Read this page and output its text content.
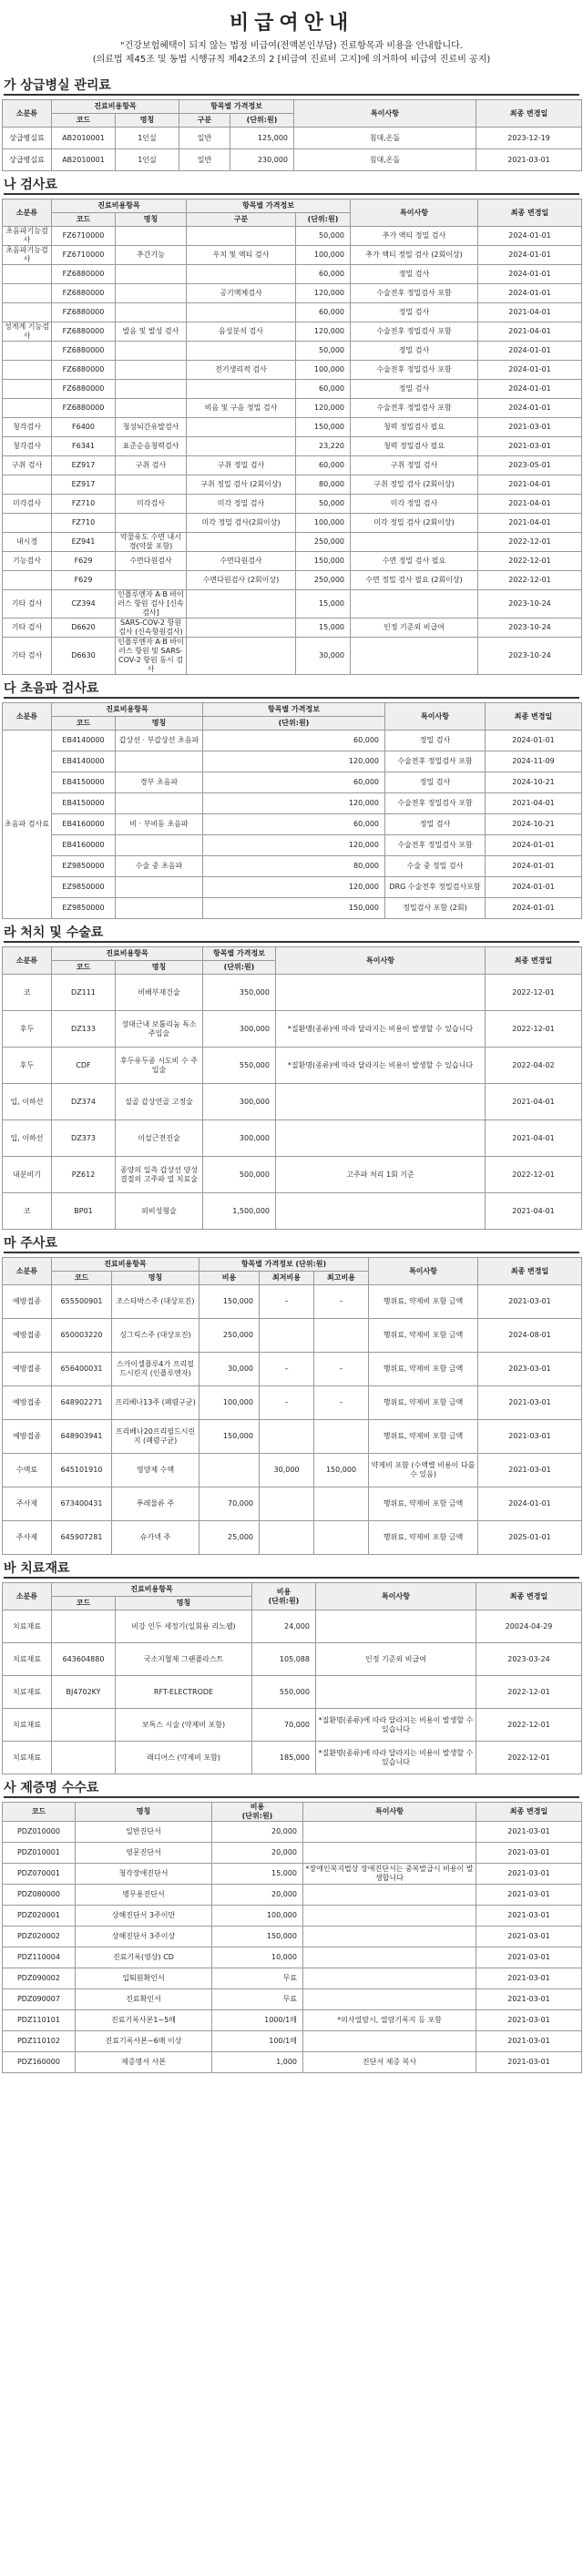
비급여안내
"건강보험혜택이 되지 않는 법정 비급여(전액본인부담) 진료항목과 비용을 안내합니다.
(의료법 제45조 및 동법 시행규칙 제42조의 2 [비급여 진료비 고지]에 의거하여 비급여 진료비 공지)
가 상급병실 관리료
소분류	진료비용항목		항목별 가격정보		특이사항	최종 변경일
	코드	명칭	구분	(단위:원)		
상급병실료	AB2010001	1인실	일반	125,000	침대,온돌	2023-12-19
상급병실료	AB2010001	1인실	일반	230,000	침대,온돌	2021-03-01
나 검사료
소분류	진료비용항목		항목별 가격정보		특이사항	최종 변경일
	코드	명칭	구분	(단위:원)		
초음파기능검사	FZ6710000			50,000	추가 액티 정밀 검사	2024-01-01
초음파기능검사	FZ6710000	추간기능	우치 및 액티 검사	100,000	추가 액티 정밀 검사 (2회이상)	2024-01-01
	FZ6880000			60,000	정밀 검사	2024-01-01
	FZ6880000		공기액체검사	120,000	수술전후 정밀검사 포함	2024-01-01
	FZ6880000			60,000	정밀 검사	2021-04-01
성게계 기능검사	FZ6880000	발음 및 발성 검사	음성분석 검사	120,000	수술전후 정밀검사 포함	2021-04-01
	FZ6880000			50,000	정밀 검사	2024-01-01
	FZ6880000		전기생리적 검사	100,000	수술전후 정밀검사 포함	2024-01-01
	FZ6880000			60,000	정밀 검사	2024-01-01
	FZ6880000		비음 및 구음 정밀 검사	120,000	수술전후 정밀검사 포함	2024-01-01
청각검사	F6400	청성뇌간유발검사		150,000	청력 정밀검사 필요	2021-03-01
청각검사	F6341	표준순음청력검사		23,220	청력 정밀검사 필요	2021-03-01
구취 검사	EZ917	구취 검사	구취 정밀 검사	60,000	구취 정밀 검사	2023-05-01
	EZ917		구취 정밀 검사 (2회이상)	80,000	구취 정밀 검사 (2회이상)	2021-04-01
미각검사	FZ710	미각검사	미각 정밀 검사	50,000	미각 정밀 검사	2021-04-01
	FZ710		미각 정밀 검사(2회이상)	100,000	미각 정밀 검사 (2회이상)	2021-04-01
내시경	EZ941	약물유도 수면 내시경(약물 포함)		250,000		2022-12-01
기능검사	F629	수면다원검사	수면다원검사	150,000	수면 정밀 검사 필요	2022-12-01
	F629		수면다원검사 (2회이상)	250,000	수면 정밀 검사 필요 (2회이상)	2022-12-01
기타 검사	CZ394	인플루엔자 A·B 바이러스 항원 검사 [신속검사]		15,000		2023-10-24
기타 검사	D6620	SARS-COV-2 항원검사 (신속항원검사)		15,000	인정 기준외 비급여	2023-10-24
기타 검사	D6630	인플루엔자 A·B 바이러스 항원 및 SARS-COV-2 항원 동시 검사		30,000		2023-10-24
다 초음파 검사료
소분류	진료비용항목		항목별 가격정보	특이사항	최종 변경일
	코드	명칭	(단위:원)		
초음파 검사료	EB4140000	갑상선 · 부갑상선 초음파	60,000	정밀 검사	2024-01-01
	EB4140000		120,000	수술전후 정밀검사 포함	2024-11-09
	EB4150000	경부 초음파	60,000	정밀 검사	2024-10-21
	EB4150000		120,000	수술전후 정밀검사 포함	2021-04-01
	EB4160000	비 · 부비동 초음파	60,000	정밀 검사	2024-10-21
	EB4160000		120,000	수술전후 정밀검사 포함	2024-01-01
	EZ9850000	수술 중 초음파	80,000	수술 중 정밀 검사	2024-01-01
	EZ9850000		120,000	DRG 수술전후 정밀검사포함	2024-01-01
	EZ9850000		150,000	정밀검사 포함 (2회)	2024-01-01
라 처치 및 수술료
소분류	진료비용항목		항목별 가격정보	특이사항	최종 변경일
	코드	명칭	(단위:원)		
코	DZ111	비배부재건술	350,000		2022-12-01
후두	DZ133	성대근내 보툴리눔 독소 주입술	300,000	*질환명(종류)에 따라 달라지는 비용이 발생할 수 있습니다	2022-12-01
후두	CDF	후두유두종 시도비 수 주입술	550,000	*질환명(종류)에 따라 달라지는 비용이 발생할 수 있습니다	2022-04-02
입, 이하선	DZ374	설골 갑상연골 고정술	300,000		2021-04-01
입, 이하선	DZ373	이설근전진술	300,000		2021-04-01
내분비기	PZ612	종양의 일측 갑상선 양성결절의 고주파 열 치료술	500,000	고주파 처리 1회 기준	2022-12-01
코	BP01	외비성형술	1,500,000		2021-04-01
마 주사료
소분류	진료비용항목		항목별 가격정보 (단위:원)			특이사항	최종 변경일
	코드	명칭	비용	최저비용	최고비용		
예방접종	655500901	조스타박스주 (대상포진)	150,000	–	–	행위료, 약제비 포함 금액	2021-03-01
예방접종	650003220	싱그릭스주 (대상포진)	250,000			행위료, 약제비 포함 금액	2024-08-01
예방접종	656400031	스카이셀플루4가 프리필드시린지 (인플루엔자)	30,000	–	–	행위료, 약제비 포함 금액	2023-03-01
예방접종	648902271	프리베나13주 (폐렴구균)	100,000	–	–	행위료, 약제비 포함 금액	2021-03-01
예방접종	648903941	프리베나20프리필드시린지 (폐렴구균)	150,000			행위료, 약제비 포함 금액	2021-03-01
수액료	645101910	영양제 수액		30,000	150,000	약제비 포함 (수액별 비용이 다를 수 있음)	2021-03-01
주사제	673400431	푸레물류 주	70,000			행위료, 약제비 포함 금액	2024-01-01
주사제	645907281	슈가넥 주	25,000			행위료, 약제비 포함 금액	2025-01-01
바 치료재료
소분류	진료비용항목		비용
(단위:원)	특이사항	최종 변경일
	코드	명칭			
치료재료		비강 인두 세정기(일회용 리노웰)	24,000		20024-04-29
치료재료	643604880	국소지혈제 그랜플라스트	105,088	인정 기준외 비급여	2023-03-24
치료재료	BJ4702KY	RFT-ELECTRODE	550,000		2022-12-01
치료재료		보톡스 시술 (약제비 포함)	70,000	*질환명(종류)에 따라 달라지는 비용이 발생할 수 있습니다	2022-12-01
치료재료		래디어스 (약제비 포함)	185,000	*질환명(종류)에 따라 달라지는 비용이 발생할 수 있습니다	2022-12-01
사 제증명 수수료
코드	명칭	비용
(단위:원)	특이사항	최종 변경일
PDZ010000	일반진단서	20,000		2021-03-01
PDZ010001	영문진단서	20,000		2021-03-01
PDZ070001	청각장애진단서	15,000	*장애인복지법상 장애진단서는 중복발급시 비용이 발생합니다	2021-03-01
PDZ080000	병무용진단서	20,000		2021-03-01
PDZ020001	상해진단서 3주이만	100,000		2021-03-01
PDZ020002	상해진단서 3주이상	150,000		2021-03-01
PDZ110004	진료기록(영상) CD	10,000		2021-03-01
PDZ090002	입퇴원확인서	무료		2021-03-01
PDZ090007	진료확인서	무료		2021-03-01
PDZ110101	진료기록사본1~5매	1000/1매	*의사열람시, 열람기록지 등 포함	2021-03-01
PDZ110102	진료기록사본~6매 이상	100/1매		2021-03-01
PDZ160000	제증명서 사본	1,000	진단서 제증 복사	2021-03-01
